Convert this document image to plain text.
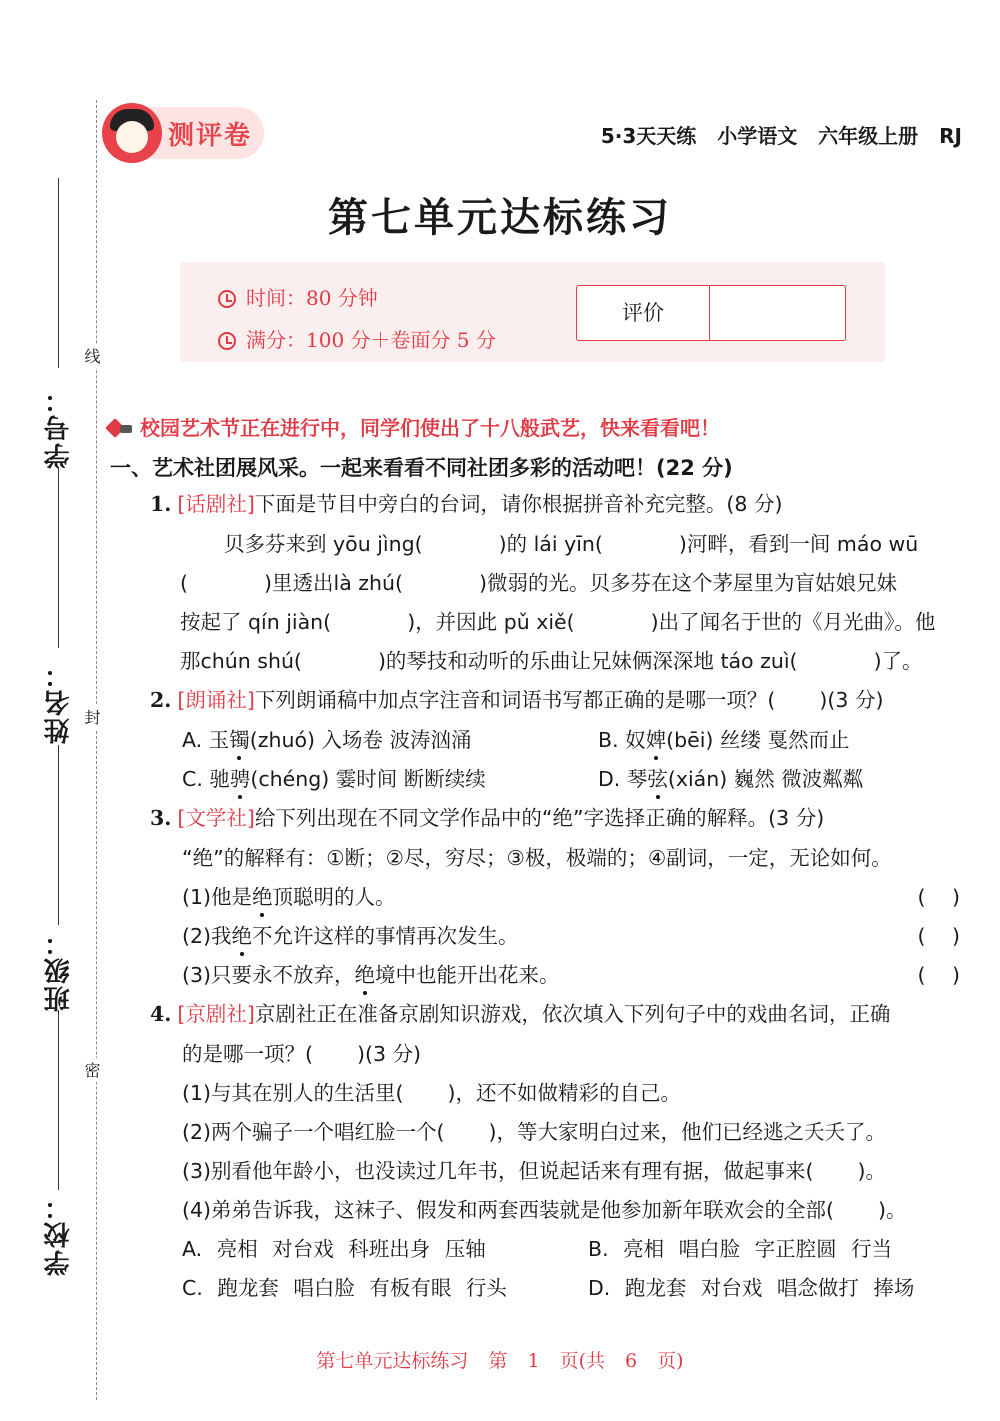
学号：
姓名：
班级：
学校：
线
封
密
测评卷	5·3天天练 小学语文 六年级上册 RJ
第七单元达标练习
时间：80 分钟
满分：100 分＋卷面分 5 分
评价
校园艺术节正在进行中，同学们使出了十八般武艺，快来看看吧！
一、艺术社团展风采。一起来看看不同社团多彩的活动吧！(22 分)
1. [话剧社]下面是节目中旁白的台词，请你根据拼音补充完整。(8 分)
贝多芬来到 yōu jìng(	)的 lái yīn(	)河畔，看到一间 máo wū
(	)里透出là zhú(	)微弱的光。贝多芬在这个茅屋里为盲姑娘兄妹
按起了 qín jiàn(	)，并因此 pǔ xiě(	)出了闻名于世的《月光曲》。他
那chún shú(	)的琴技和动听的乐曲让兄妹俩深深地 táo zuì(	)了。
2. [朗诵社]下列朗诵稿中加点字注音和词语书写都正确的是哪一项？( )(3 分)
A. 玉镯(zhuó) 入场卷 波涛汹涌	B. 奴婢(bēi) 丝缕 戛然而止
C. 驰骋(chéng) 霎时间 断断续续	D. 琴弦(xián) 巍然 微波粼粼
3. [文学社]给下列出现在不同文学作品中的“绝”字选择正确的解释。(3 分)
“绝”的解释有：①断；②尽，穷尽；③极，极端的；④副词，一定，无论如何。
(1)他是绝顶聪明的人。	( )
(2)我绝不允许这样的事情再次发生。	( )
(3)只要永不放弃，绝境中也能开出花来。	( )
4. [京剧社]京剧社正在准备京剧知识游戏，依次填入下列句子中的戏曲名词，正确
的是哪一项？( )(3 分)
(1)与其在别人的生活里( )，还不如做精彩的自己。
(2)两个骗子一个唱红脸一个( )，等大家明白过来，他们已经逃之夭夭了。
(3)别看他年龄小，也没读过几年书，但说起话来有理有据，做起事来( )。
(4)弟弟告诉我，这袜子、假发和两套西装就是他参加新年联欢会的全部( )。
A. 亮相 对台戏 科班出身 压轴	B. 亮相 唱白脸 字正腔圆 行当
C. 跑龙套 唱白脸 有板有眼 行头	D. 跑龙套 对台戏 唱念做打 捧场
第七单元达标练习 第 1 页(共 6 页)
